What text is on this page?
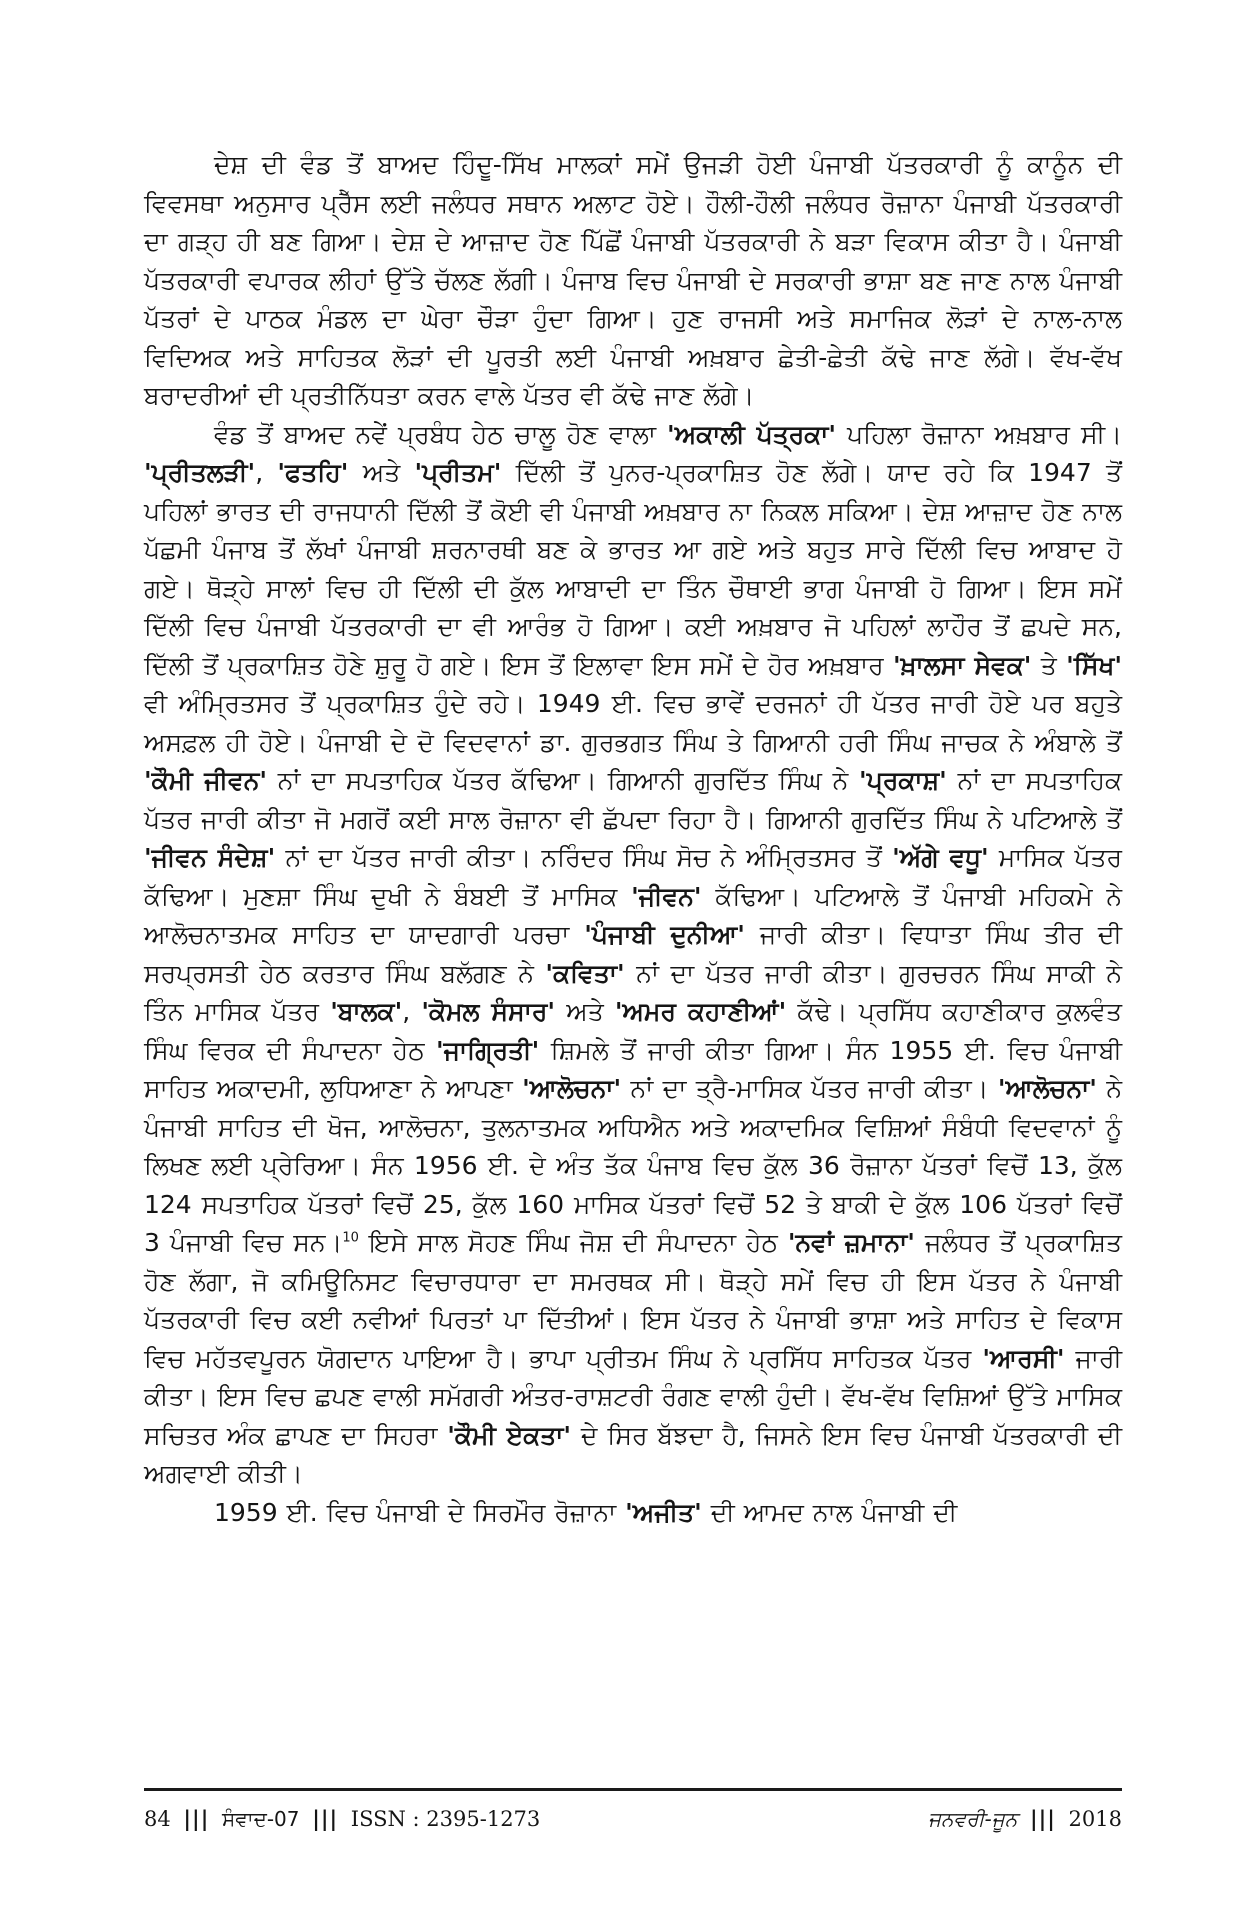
ਦੇਸ਼ ਦੀ ਵੰਡ ਤੋਂ ਬਾਅਦ ਹਿੰਦੂ-ਸਿੱਖ ਮਾਲਕਾਂ ਸਮੇਂ ਉਜੜੀ ਹੋਈ ਪੰਜਾਬੀ ਪੱਤਰਕਾਰੀ ਨੂੰ ਕਾਨੂੰਨ ਦੀ ਵਿਵਸਥਾ ਅਨੁਸਾਰ ਪ੍ਰੈੱਸ ਲਈ ਜਲੰਧਰ ਸਥਾਨ ਅਲਾਟ ਹੋਏ। ਹੌਲੀ-ਹੌਲੀ ਜਲੰਧਰ ਰੋਜ਼ਾਨਾ ਪੰਜਾਬੀ ਪੱਤਰਕਾਰੀ ਦਾ ਗੜ੍ਹ ਹੀ ਬਣ ਗਿਆ। ਦੇਸ਼ ਦੇ ਆਜ਼ਾਦ ਹੋਣ ਪਿੱਛੋਂ ਪੰਜਾਬੀ ਪੱਤਰਕਾਰੀ ਨੇ ਬੜਾ ਵਿਕਾਸ ਕੀਤਾ ਹੈ। ਪੰਜਾਬੀ ਪੱਤਰਕਾਰੀ ਵਪਾਰਕ ਲੀਹਾਂ ਉੱਤੇ ਚੱਲਣ ਲੱਗੀ। ਪੰਜਾਬ ਵਿਚ ਪੰਜਾਬੀ ਦੇ ਸਰਕਾਰੀ ਭਾਸ਼ਾ ਬਣ ਜਾਣ ਨਾਲ ਪੰਜਾਬੀ ਪੱਤਰਾਂ ਦੇ ਪਾਠਕ ਮੰਡਲ ਦਾ ਘੇਰਾ ਚੌੜਾ ਹੁੰਦਾ ਗਿਆ। ਹੁਣ ਰਾਜਸੀ ਅਤੇ ਸਮਾਜਿਕ ਲੋੜਾਂ ਦੇ ਨਾਲ-ਨਾਲ ਵਿਦਿਅਕ ਅਤੇ ਸਾਹਿਤਕ ਲੋੜਾਂ ਦੀ ਪੂਰਤੀ ਲਈ ਪੰਜਾਬੀ ਅਖ਼ਬਾਰ ਛੇਤੀ-ਛੇਤੀ ਕੱਢੇ ਜਾਣ ਲੱਗੇ। ਵੱਖ-ਵੱਖ ਬਰਾਦਰੀਆਂ ਦੀ ਪ੍ਰਤੀਨਿੱਧਤਾ ਕਰਨ ਵਾਲੇ ਪੱਤਰ ਵੀ ਕੱਢੇ ਜਾਣ ਲੱਗੇ।

ਵੰਡ ਤੋਂ ਬਾਅਦ ਨਵੇਂ ਪ੍ਰਬੰਧ ਹੇਠ ਚਾਲੂ ਹੋਣ ਵਾਲਾ 'ਅਕਾਲੀ ਪੱਤ੍ਰਕਾ' ਪਹਿਲਾ ਰੋਜ਼ਾਨਾ ਅਖ਼ਬਾਰ ਸੀ। 'ਪ੍ਰੀਤਲੜੀ', 'ਫਤਹਿ' ਅਤੇ 'ਪ੍ਰੀਤਮ' ਦਿੱਲੀ ਤੋਂ ਪੁਨਰ-ਪ੍ਰਕਾਸ਼ਿਤ ਹੋਣ ਲੱਗੇ। ਯਾਦ ਰਹੇ ਕਿ 1947 ਤੋਂ ਪਹਿਲਾਂ ਭਾਰਤ ਦੀ ਰਾਜਧਾਨੀ ਦਿੱਲੀ ਤੋਂ ਕੋਈ ਵੀ ਪੰਜਾਬੀ ਅਖ਼ਬਾਰ ਨਾ ਨਿਕਲ ਸਕਿਆ। ਦੇਸ਼ ਆਜ਼ਾਦ ਹੋਣ ਨਾਲ ਪੱਛਮੀ ਪੰਜਾਬ ਤੋਂ ਲੱਖਾਂ ਪੰਜਾਬੀ ਸ਼ਰਨਾਰਥੀ ਬਣ ਕੇ ਭਾਰਤ ਆ ਗਏ ਅਤੇ ਬਹੁਤ ਸਾਰੇ ਦਿੱਲੀ ਵਿਚ ਆਬਾਦ ਹੋ ਗਏ। ਥੋੜ੍ਹੇ ਸਾਲਾਂ ਵਿਚ ਹੀ ਦਿੱਲੀ ਦੀ ਕੁੱਲ ਆਬਾਦੀ ਦਾ ਤਿੰਨ ਚੌਥਾਈ ਭਾਗ ਪੰਜਾਬੀ ਹੋ ਗਿਆ। ਇਸ ਸਮੇਂ ਦਿੱਲੀ ਵਿਚ ਪੰਜਾਬੀ ਪੱਤਰਕਾਰੀ ਦਾ ਵੀ ਆਰੰਭ ਹੋ ਗਿਆ। ਕਈ ਅਖ਼ਬਾਰ ਜੋ ਪਹਿਲਾਂ ਲਾਹੌਰ ਤੋਂ ਛਪਦੇ ਸਨ, ਦਿੱਲੀ ਤੋਂ ਪ੍ਰਕਾਸ਼ਿਤ ਹੋਣੇ ਸ਼ੁਰੂ ਹੋ ਗਏ। ਇਸ ਤੋਂ ਇਲਾਵਾ ਇਸ ਸਮੇਂ ਦੇ ਹੋਰ ਅਖ਼ਬਾਰ 'ਖ਼ਾਲਸਾ ਸੇਵਕ' ਤੇ 'ਸਿੱਖ' ਵੀ ਅੰਮ੍ਰਿਤਸਰ ਤੋਂ ਪ੍ਰਕਾਸ਼ਿਤ ਹੁੰਦੇ ਰਹੇ। 1949 ਈ. ਵਿਚ ਭਾਵੇਂ ਦਰਜਨਾਂ ਹੀ ਪੱਤਰ ਜਾਰੀ ਹੋਏ ਪਰ ਬਹੁਤੇ ਅਸਫ਼ਲ ਹੀ ਹੋਏ। ਪੰਜਾਬੀ ਦੇ ਦੋ ਵਿਦਵਾਨਾਂ ਡਾ. ਗੁਰਭਗਤ ਸਿੰਘ ਤੇ ਗਿਆਨੀ ਹਰੀ ਸਿੰਘ ਜਾਚਕ ਨੇ ਅੰਬਾਲੇ ਤੋਂ 'ਕੌਮੀ ਜੀਵਨ' ਨਾਂ ਦਾ ਸਪਤਾਹਿਕ ਪੱਤਰ ਕੱਢਿਆ। ਗਿਆਨੀ ਗੁਰਦਿੱਤ ਸਿੰਘ ਨੇ 'ਪ੍ਰਕਾਸ਼' ਨਾਂ ਦਾ ਸਪਤਾਹਿਕ ਪੱਤਰ ਜਾਰੀ ਕੀਤਾ ਜੋ ਮਗਰੋਂ ਕਈ ਸਾਲ ਰੋਜ਼ਾਨਾ ਵੀ ਛੱਪਦਾ ਰਿਹਾ ਹੈ। ਗਿਆਨੀ ਗੁਰਦਿੱਤ ਸਿੰਘ ਨੇ ਪਟਿਆਲੇ ਤੋਂ 'ਜੀਵਨ ਸੰਦੇਸ਼' ਨਾਂ ਦਾ ਪੱਤਰ ਜਾਰੀ ਕੀਤਾ। ਨਰਿੰਦਰ ਸਿੰਘ ਸੋਚ ਨੇ ਅੰਮ੍ਰਿਤਸਰ ਤੋਂ 'ਅੱਗੇ ਵਧੂ' ਮਾਸਿਕ ਪੱਤਰ ਕੱਢਿਆ। ਮੁਣਸ਼ਾ ਸਿੰਘ ਦੁਖੀ ਨੇ ਬੰਬਈ ਤੋਂ ਮਾਸਿਕ 'ਜੀਵਨ' ਕੱਢਿਆ। ਪਟਿਆਲੇ ਤੋਂ ਪੰਜਾਬੀ ਮਹਿਕਮੇ ਨੇ ਆਲੋਚਨਾਤਮਕ ਸਾਹਿਤ ਦਾ ਯਾਦਗਾਰੀ ਪਰਚਾ 'ਪੰਜਾਬੀ ਦੁਨੀਆ' ਜਾਰੀ ਕੀਤਾ। ਵਿਧਾਤਾ ਸਿੰਘ ਤੀਰ ਦੀ ਸਰਪ੍ਰਸਤੀ ਹੇਠ ਕਰਤਾਰ ਸਿੰਘ ਬਲੱਗਣ ਨੇ 'ਕਵਿਤਾ' ਨਾਂ ਦਾ ਪੱਤਰ ਜਾਰੀ ਕੀਤਾ। ਗੁਰਚਰਨ ਸਿੰਘ ਸਾਕੀ ਨੇ ਤਿੰਨ ਮਾਸਿਕ ਪੱਤਰ 'ਬਾਲਕ', 'ਕੋਮਲ ਸੰਸਾਰ' ਅਤੇ 'ਅਮਰ ਕਹਾਣੀਆਂ' ਕੱਢੇ। ਪ੍ਰਸਿੱਧ ਕਹਾਣੀਕਾਰ ਕੁਲਵੰਤ ਸਿੰਘ ਵਿਰਕ ਦੀ ਸੰਪਾਦਨਾ ਹੇਠ 'ਜਾਗ੍ਰਿਤੀ' ਸ਼ਿਮਲੇ ਤੋਂ ਜਾਰੀ ਕੀਤਾ ਗਿਆ। ਸੰਨ 1955 ਈ. ਵਿਚ ਪੰਜਾਬੀ ਸਾਹਿਤ ਅਕਾਦਮੀ, ਲੁਧਿਆਣਾ ਨੇ ਆਪਣਾ 'ਆਲੋਚਨਾ' ਨਾਂ ਦਾ ਤ੍ਰੈ-ਮਾਸਿਕ ਪੱਤਰ ਜਾਰੀ ਕੀਤਾ। 'ਆਲੋਚਨਾ' ਨੇ ਪੰਜਾਬੀ ਸਾਹਿਤ ਦੀ ਖੋਜ, ਆਲੋਚਨਾ, ਤੁਲਨਾਤਮਕ ਅਧਿਐਨ ਅਤੇ ਅਕਾਦਮਿਕ ਵਿਸ਼ਿਆਂ ਸੰਬੰਧੀ ਵਿਦਵਾਨਾਂ ਨੂੰ ਲਿਖਣ ਲਈ ਪ੍ਰੇਰਿਆ। ਸੰਨ 1956 ਈ. ਦੇ ਅੰਤ ਤੱਕ ਪੰਜਾਬ ਵਿਚ ਕੁੱਲ 36 ਰੋਜ਼ਾਨਾ ਪੱਤਰਾਂ ਵਿਚੋਂ 13, ਕੁੱਲ 124 ਸਪਤਾਹਿਕ ਪੱਤਰਾਂ ਵਿਚੋਂ 25, ਕੁੱਲ 160 ਮਾਸਿਕ ਪੱਤਰਾਂ ਵਿਚੋਂ 52 ਤੇ ਬਾਕੀ ਦੇ ਕੁੱਲ 106 ਪੱਤਰਾਂ ਵਿਚੋਂ 3 ਪੰਜਾਬੀ ਵਿਚ ਸਨ।$^{10}$ ਇਸੇ ਸਾਲ ਸੋਹਣ ਸਿੰਘ ਜੋਸ਼ ਦੀ ਸੰਪਾਦਨਾ ਹੇਠ 'ਨਵਾਂ ਜ਼ਮਾਨਾ' ਜਲੰਧਰ ਤੋਂ ਪ੍ਰਕਾਸ਼ਿਤ ਹੋਣ ਲੱਗਾ, ਜੋ ਕਮਿਊਨਿਸਟ ਵਿਚਾਰਧਾਰਾ ਦਾ ਸਮਰਥਕ ਸੀ। ਥੋੜ੍ਹੇ ਸਮੇਂ ਵਿਚ ਹੀ ਇਸ ਪੱਤਰ ਨੇ ਪੰਜਾਬੀ ਪੱਤਰਕਾਰੀ ਵਿਚ ਕਈ ਨਵੀਆਂ ਪਿਰਤਾਂ ਪਾ ਦਿੱਤੀਆਂ। ਇਸ ਪੱਤਰ ਨੇ ਪੰਜਾਬੀ ਭਾਸ਼ਾ ਅਤੇ ਸਾਹਿਤ ਦੇ ਵਿਕਾਸ ਵਿਚ ਮਹੱਤਵਪੂਰਨ ਯੋਗਦਾਨ ਪਾਇਆ ਹੈ। ਭਾਪਾ ਪ੍ਰੀਤਮ ਸਿੰਘ ਨੇ ਪ੍ਰਸਿੱਧ ਸਾਹਿਤਕ ਪੱਤਰ 'ਆਰਸੀ' ਜਾਰੀ ਕੀਤਾ। ਇਸ ਵਿਚ ਛਪਣ ਵਾਲੀ ਸਮੱਗਰੀ ਅੰਤਰ-ਰਾਸ਼ਟਰੀ ਰੰਗਣ ਵਾਲੀ ਹੁੰਦੀ। ਵੱਖ-ਵੱਖ ਵਿਸ਼ਿਆਂ ਉੱਤੇ ਮਾਸਿਕ ਸਚਿਤਰ ਅੰਕ ਛਾਪਣ ਦਾ ਸਿਹਰਾ 'ਕੌਮੀ ਏਕਤਾ' ਦੇ ਸਿਰ ਬੱਝਦਾ ਹੈ, ਜਿਸਨੇ ਇਸ ਵਿਚ ਪੰਜਾਬੀ ਪੱਤਰਕਾਰੀ ਦੀ ਅਗਵਾਈ ਕੀਤੀ।

1959 ਈ. ਵਿਚ ਪੰਜਾਬੀ ਦੇ ਸਿਰਮੌਰ ਰੋਜ਼ਾਨਾ 'ਅਜੀਤ' ਦੀ ਆਮਦ ਨਾਲ ਪੰਜਾਬੀ ਦੀ

84 ||| ਸੰਵਾਦ-07 ||| ISSN : 2395-1273	ਜਨਵਰੀ-ਜੂਨ ||| 2018
